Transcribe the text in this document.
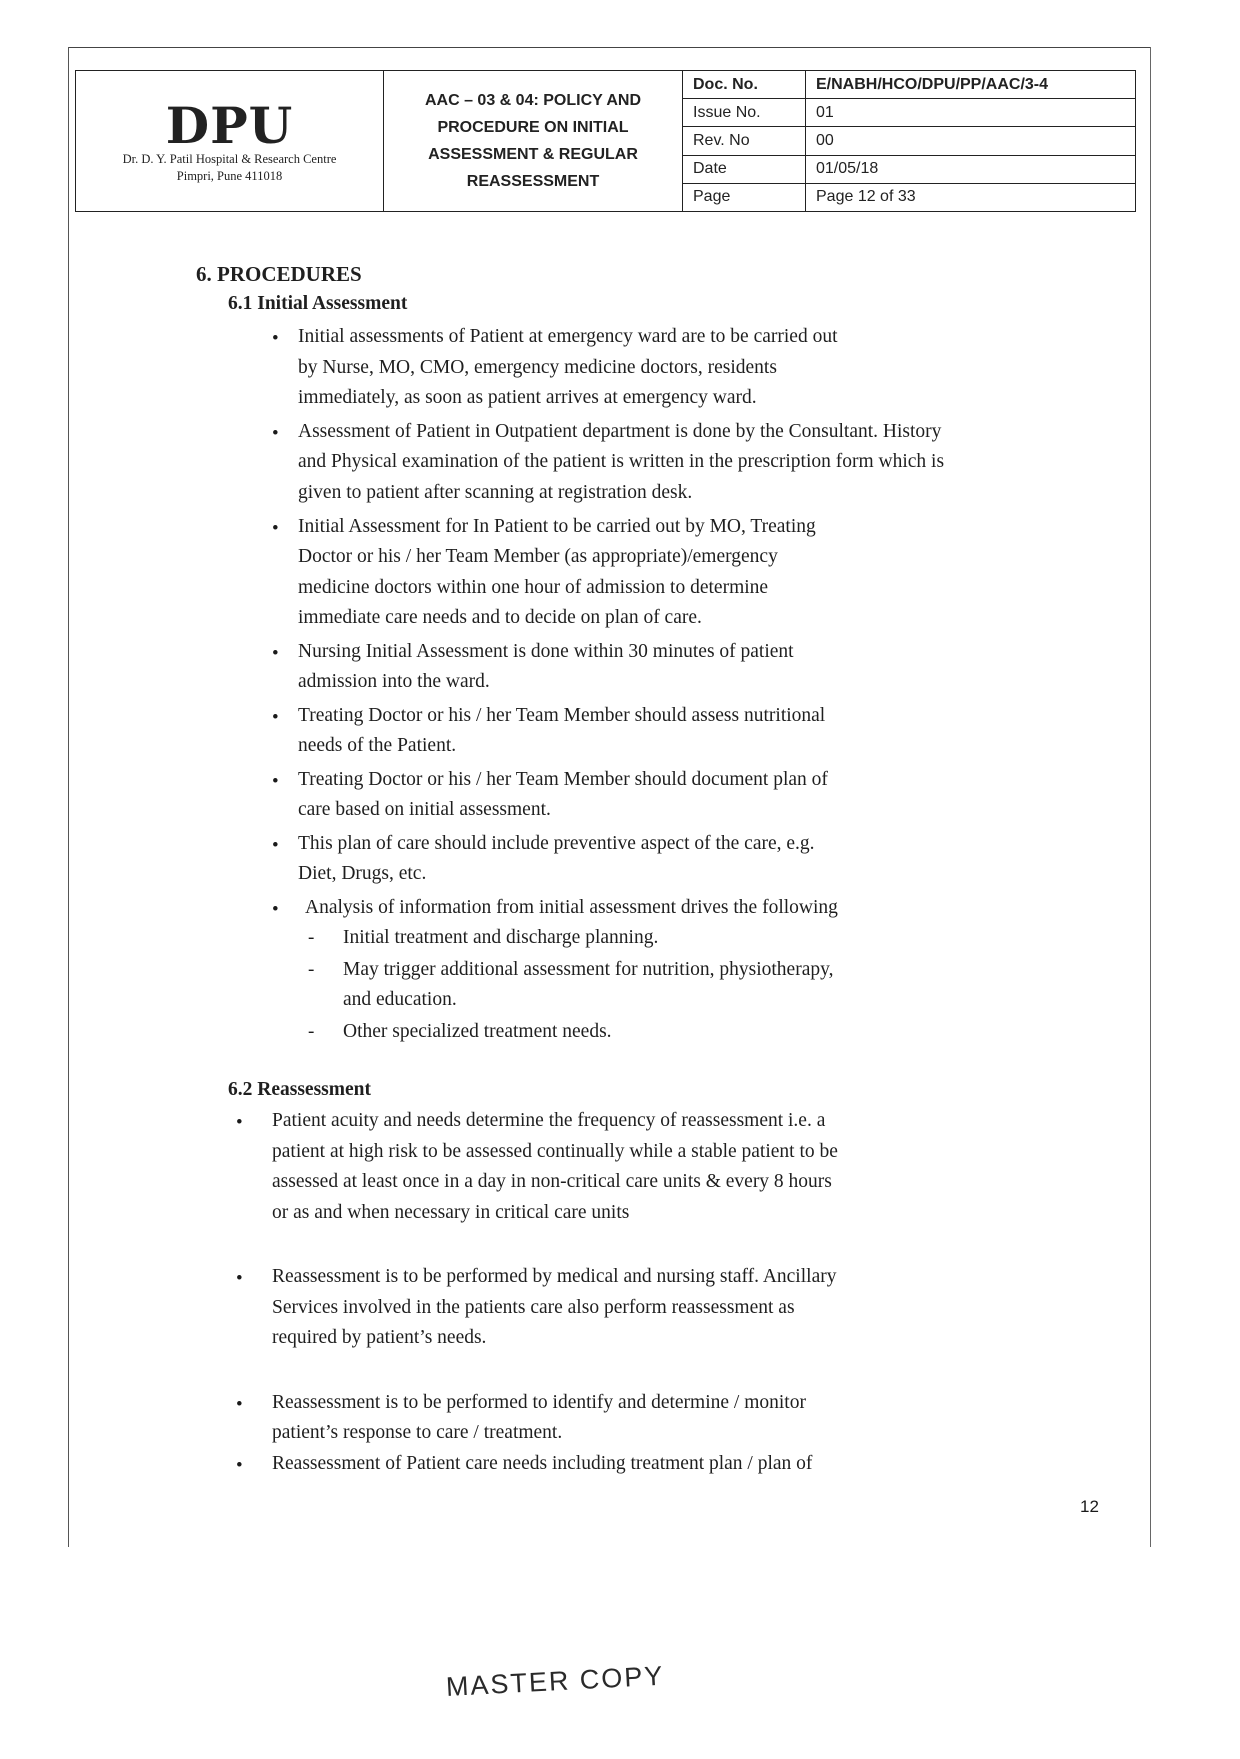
DPU
Dr. D. Y. Patil Hospital & Research Centre
Pimpri, Pune 411018
AAC – 03 & 04: POLICY AND
PROCEDURE ON INITIAL
ASSESSMENT & REGULAR
REASSESSMENT
Doc. No.	E/NABH/HCO/DPU/PP/AAC/3-4
Issue No.	01
Rev. No	00
Date	01/05/18
Page	Page 12 of 33
6. PROCEDURES
6.1 Initial Assessment
• Initial assessments of Patient at emergency ward are to be carried out
by Nurse, MO, CMO, emergency medicine doctors, residents
immediately, as soon as patient arrives at emergency ward.
• Assessment of Patient in Outpatient department is done by the Consultant. History
and Physical examination of the patient is written in the prescription form which is
given to patient after scanning at registration desk.
• Initial Assessment for In Patient to be carried out by MO, Treating
Doctor or his / her Team Member (as appropriate)/emergency
medicine doctors within one hour of admission to determine
immediate care needs and to decide on plan of care.
• Nursing Initial Assessment is done within 30 minutes of patient
admission into the ward.
• Treating Doctor or his / her Team Member should assess nutritional
needs of the Patient.
• Treating Doctor or his / her Team Member should document plan of
care based on initial assessment.
• This plan of care should include preventive aspect of the care, e.g.
Diet, Drugs, etc.
• Analysis of information from initial assessment drives the following
- Initial treatment and discharge planning.
- May trigger additional assessment for nutrition, physiotherapy,
and education.
- Other specialized treatment needs.
6.2 Reassessment
• Patient acuity and needs determine the frequency of reassessment i.e. a
patient at high risk to be assessed continually while a stable patient to be
assessed at least once in a day in non-critical care units & every 8 hours
or as and when necessary in critical care units
• Reassessment is to be performed by medical and nursing staff. Ancillary
Services involved in the patients care also perform reassessment as
required by patient’s needs.
• Reassessment is to be performed to identify and determine / monitor
patient’s response to care / treatment.
• Reassessment of Patient care needs including treatment plan / plan of
12
MASTER COPY
